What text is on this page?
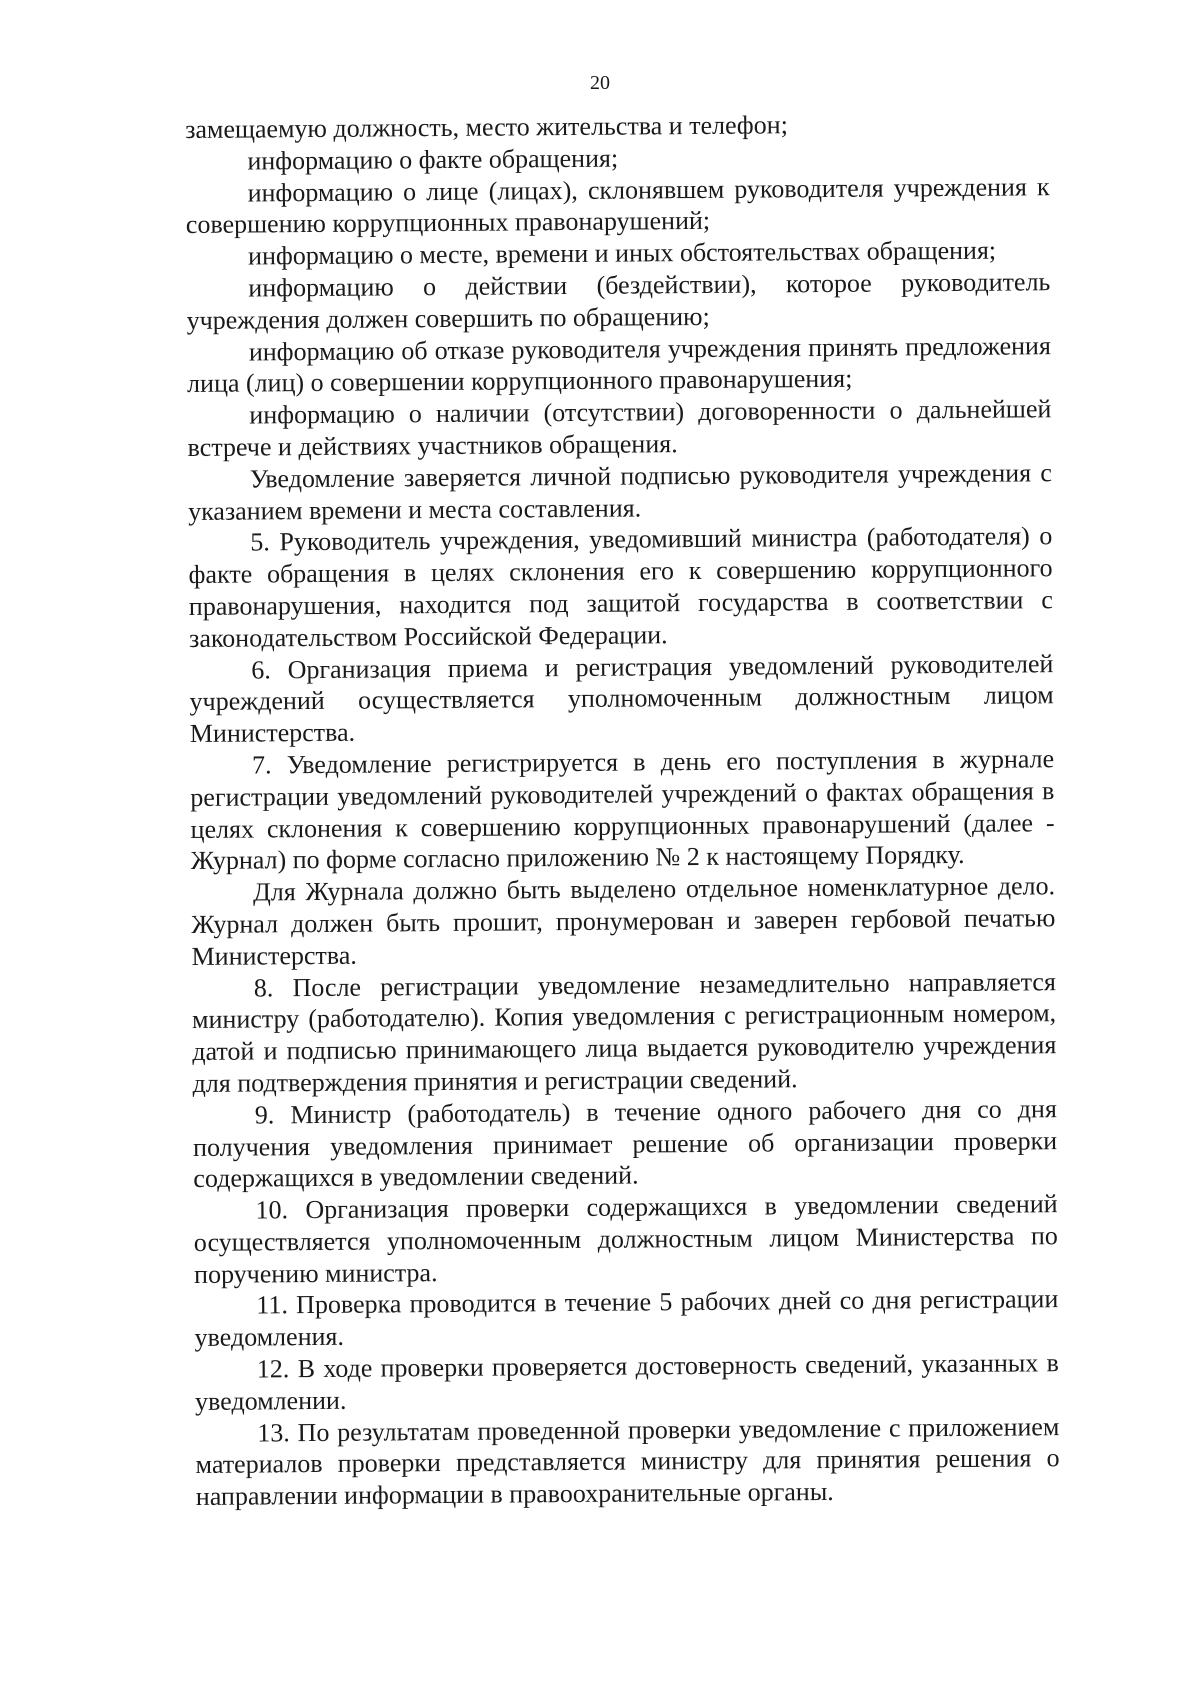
20

замещаемую должность, место жительства и телефон;

информацию о факте обращения;

информацию о лице (лицах), склонявшем руководителя учреждения к совершению коррупционных правонарушений;

информацию о месте, времени и иных обстоятельствах обращения;

информацию о действии (бездействии), которое руководитель учреждения должен совершить по обращению;

информацию об отказе руководителя учреждения принять предложения лица (лиц) о совершении коррупционного правонарушения;

информацию о наличии (отсутствии) договоренности о дальнейшей встрече и действиях участников обращения.

Уведомление заверяется личной подписью руководителя учреждения с указанием времени и места составления.

5. Руководитель учреждения, уведомивший министра (работодателя) о факте обращения в целях склонения его к совершению коррупционного правонарушения, находится под защитой государства в соответствии с законодательством Российской Федерации.

6. Организация приема и регистрация уведомлений руководителей учреждений осуществляется уполномоченным должностным лицом Министерства.

7. Уведомление регистрируется в день его поступления в журнале регистрации уведомлений руководителей учреждений о фактах обращения в целях склонения к совершению коррупционных правонарушений (далее - Журнал) по форме согласно приложению № 2 к настоящему Порядку.

Для Журнала должно быть выделено отдельное номенклатурное дело. Журнал должен быть прошит, пронумерован и заверен гербовой печатью Министерства.

8. После регистрации уведомление незамедлительно направляется министру (работодателю). Копия уведомления с регистрационным номером, датой и подписью принимающего лица выдается руководителю учреждения для подтверждения принятия и регистрации сведений.

9. Министр (работодатель) в течение одного рабочего дня со дня получения уведомления принимает решение об организации проверки содержащихся в уведомлении сведений.

10. Организация проверки содержащихся в уведомлении сведений осуществляется уполномоченным должностным лицом Министерства по поручению министра.

11. Проверка проводится в течение 5 рабочих дней со дня регистрации уведомления.

12. В ходе проверки проверяется достоверность сведений, указанных в уведомлении.

13. По результатам проведенной проверки уведомление с приложением материалов проверки представляется министру для принятия решения о направлении информации в правоохранительные органы.
